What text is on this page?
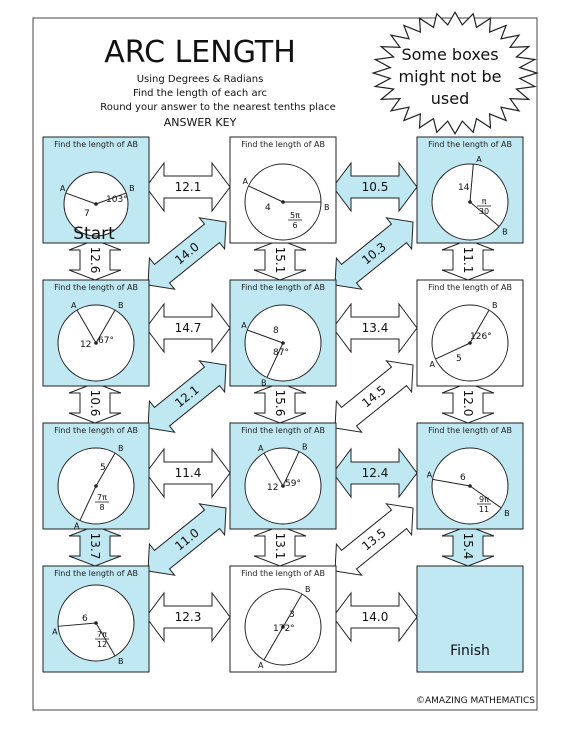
ARC LENGTH
Using Degrees & Radians
Find the length of each arc
Round your answer to the nearest tenths place
ANSWER KEY
Some boxes
might not be
used
12.1	10.5
14.7	13.4
11.4	12.4
12.3	14.0
12.6	15.1	11.1
10.6	15.6	12.0
13.7	13.1	15.4
14.0	10.3
12.1	14.5
11.0	13.5
Find the length of AB
A	B
7
103°
Start
Find the length of AB
A
B
4
5π
6
Find the length of AB
A
B
14
π
30
Find the length of AB
A	B
12 67°
Find the length of AB
A
B
8
87°
Find the length of AB
A
B
5
126°
Find the length of AB
A
B
5
7π
8
Find the length of AB
A	B
12 59°
Find the length of AB
A
B
6
9π
11
Find the length of AB
A
B
6
7π
12
Find the length of AB
A
B
3
172°
Finish
©AMAZING MATHEMATICS
